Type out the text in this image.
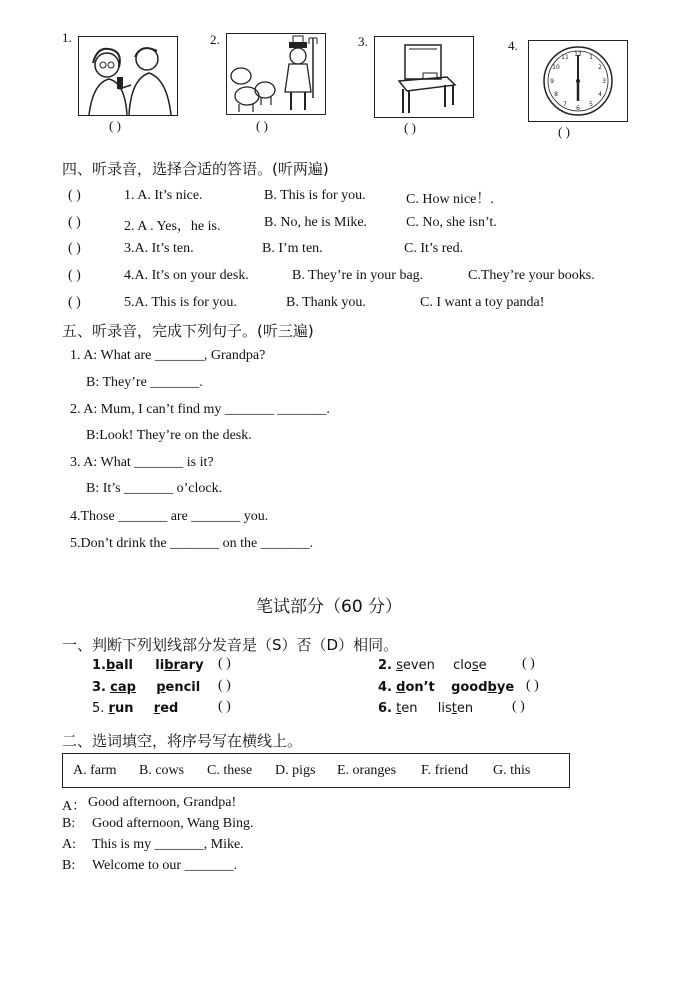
1.
( )
2.
( )
3.
( )
4.
12 1
2
3
4
5
6
7
8
9
10
11
( )
四、听录音，选择合适的答语。(听两遍)
( )	1. A. It’s nice.	B. This is for you.	C. How nice！.
( )	2. A . Yes，he is.	B. No, he is Mike.	C. No, she isn’t.
( )	3.A. It’s ten.	B. I’m ten.	C. It’s red.
( )	4.A. It’s on your desk.	B. They’re in your bag.	C.They’re your books.
( )	5.A. This is for you.	B. Thank you.	C. I want a toy panda!
五、听录音，完成下列句子。(听三遍)
1. A: What are _______, Grandpa?
B: They’re _______.
2. A: Mum, I can’t find my _______ _______.
B:Look! They’re on the desk.
3. A: What _______ is it?
B: It’s _______ o’clock.
4.Those _______ are _______ you.
5.Don’t drink the _______ on the _______.
笔试部分（60 分）
一、判断下列划线部分发音是（S）否（D）相同。
1.ball library ( )	2. seven close	( )
3. cap pencil ( )	4. don’t goodbye ( )
5. run red	( )	6. ten listen	( )
二、选词填空，将序号写在横线上。
A. farm B. cows C. these D. pigs E. oranges F. friend G. this
A： Good afternoon, Grandpa!
B: Good afternoon, Wang Bing.
A: This is my _______, Mike.
B: Welcome to our _______.
